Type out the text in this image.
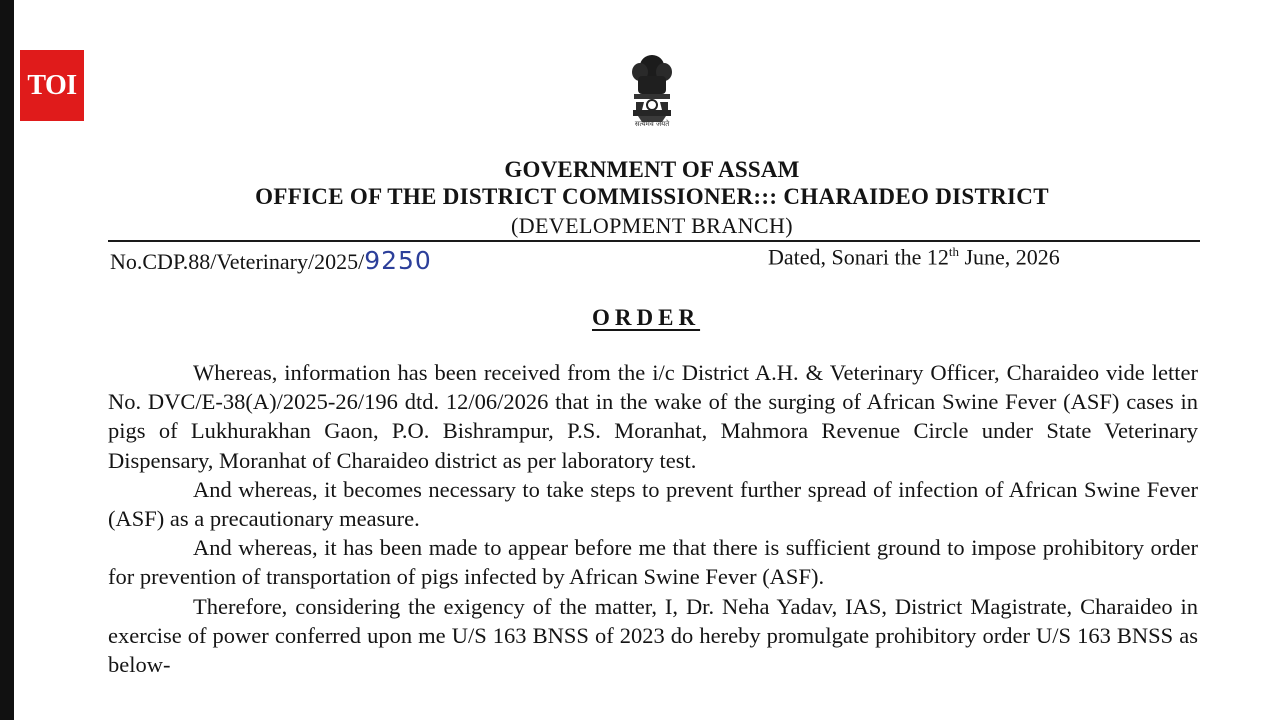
TOI
सत्यमेव जयते
GOVERNMENT OF ASSAM
OFFICE OF THE DISTRICT COMMISSIONER::: CHARAIDEO DISTRICT
(DEVELOPMENT BRANCH)
No.CDP.88/Veterinary/2025/9250	Dated, Sonari the 12th June, 2026
ORDER

Whereas, information has been received from the i/c District A.H. & Veterinary Officer, Charaideo vide letter No. DVC/E-38(A)/2025-26/196 dtd. 12/06/2026 that in the wake of the surging of African Swine Fever (ASF) cases in pigs of Lukhurakhan Gaon, P.O. Bishrampur, P.S. Moranhat, Mahmora Revenue Circle under State Veterinary Dispensary, Moranhat of Charaideo district as per laboratory test.

And whereas, it becomes necessary to take steps to prevent further spread of infection of African Swine Fever (ASF) as a precautionary measure.

And whereas, it has been made to appear before me that there is sufficient ground to impose prohibitory order for prevention of transportation of pigs infected by African Swine Fever (ASF).

Therefore, considering the exigency of the matter, I, Dr. Neha Yadav, IAS, District Magistrate, Charaideo in exercise of power conferred upon me U/S 163 BNSS of 2023 do hereby promulgate prohibitory order U/S 163 BNSS as below-
